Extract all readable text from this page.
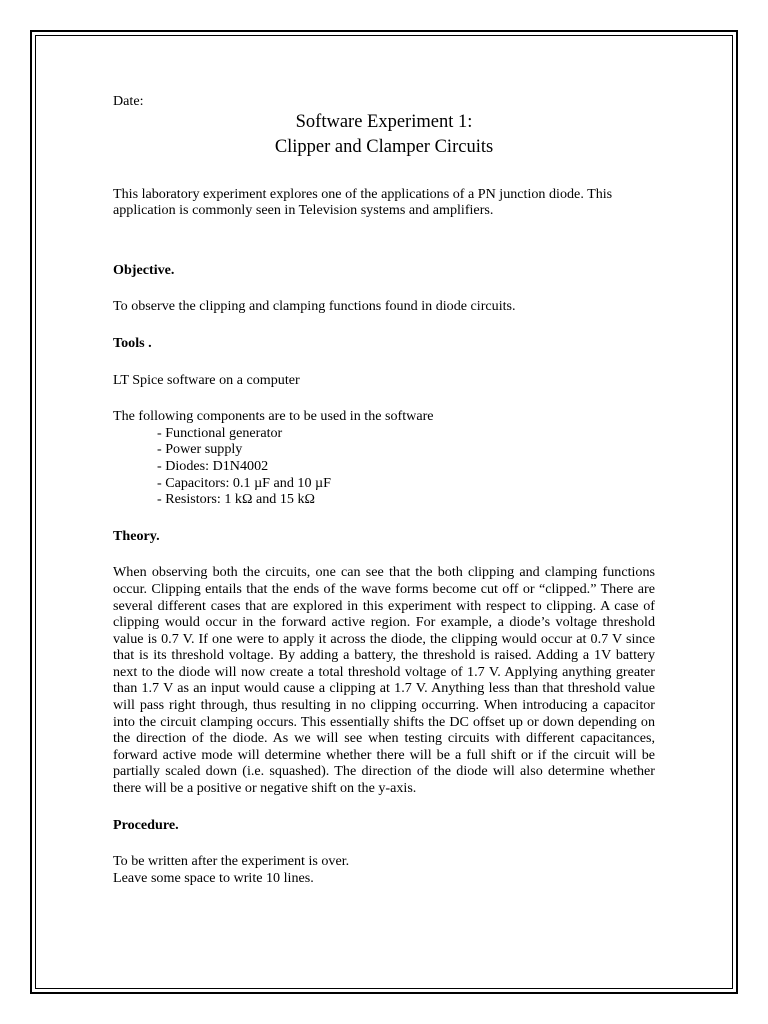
Date:

Software Experiment 1:
Clipper and Clamper Circuits

This laboratory experiment explores one of the applications of a PN junction diode. This application is commonly seen in Television systems and amplifiers.

Objective.

To observe the clipping and clamping functions found in diode circuits.

Tools .

LT Spice software on a computer

The following components are to be used in the software

- Functional generator
- Power supply
- Diodes: D1N4002
- Capacitors: 0.1 µF and 10 µF
- Resistors: 1 kΩ and 15 kΩ

Theory.

When observing both the circuits, one can see that the both clipping and clamping functions occur. Clipping entails that the ends of the wave forms become cut off or “clipped.” There are several different cases that are explored in this experiment with respect to clipping. A case of clipping would occur in the forward active region. For example, a diode’s voltage threshold value is 0.7 V. If one were to apply it across the diode, the clipping would occur at 0.7 V since that is its threshold voltage. By adding a battery, the threshold is raised. Adding a 1V battery next to the diode will now create a total threshold voltage of 1.7 V. Applying anything greater than 1.7 V as an input would cause a clipping at 1.7 V. Anything less than that threshold value will pass right through, thus resulting in no clipping occurring. When introducing a capacitor into the circuit clamping occurs. This essentially shifts the DC offset up or down depending on the direction of the diode. As we will see when testing circuits with different capacitances, forward active mode will determine whether there will be a full shift or if the circuit will be partially scaled down (i.e. squashed). The direction of the diode will also determine whether there will be a positive or negative shift on the y-axis.

Procedure.

To be written after the experiment is over.

Leave some space to write 10 lines.
